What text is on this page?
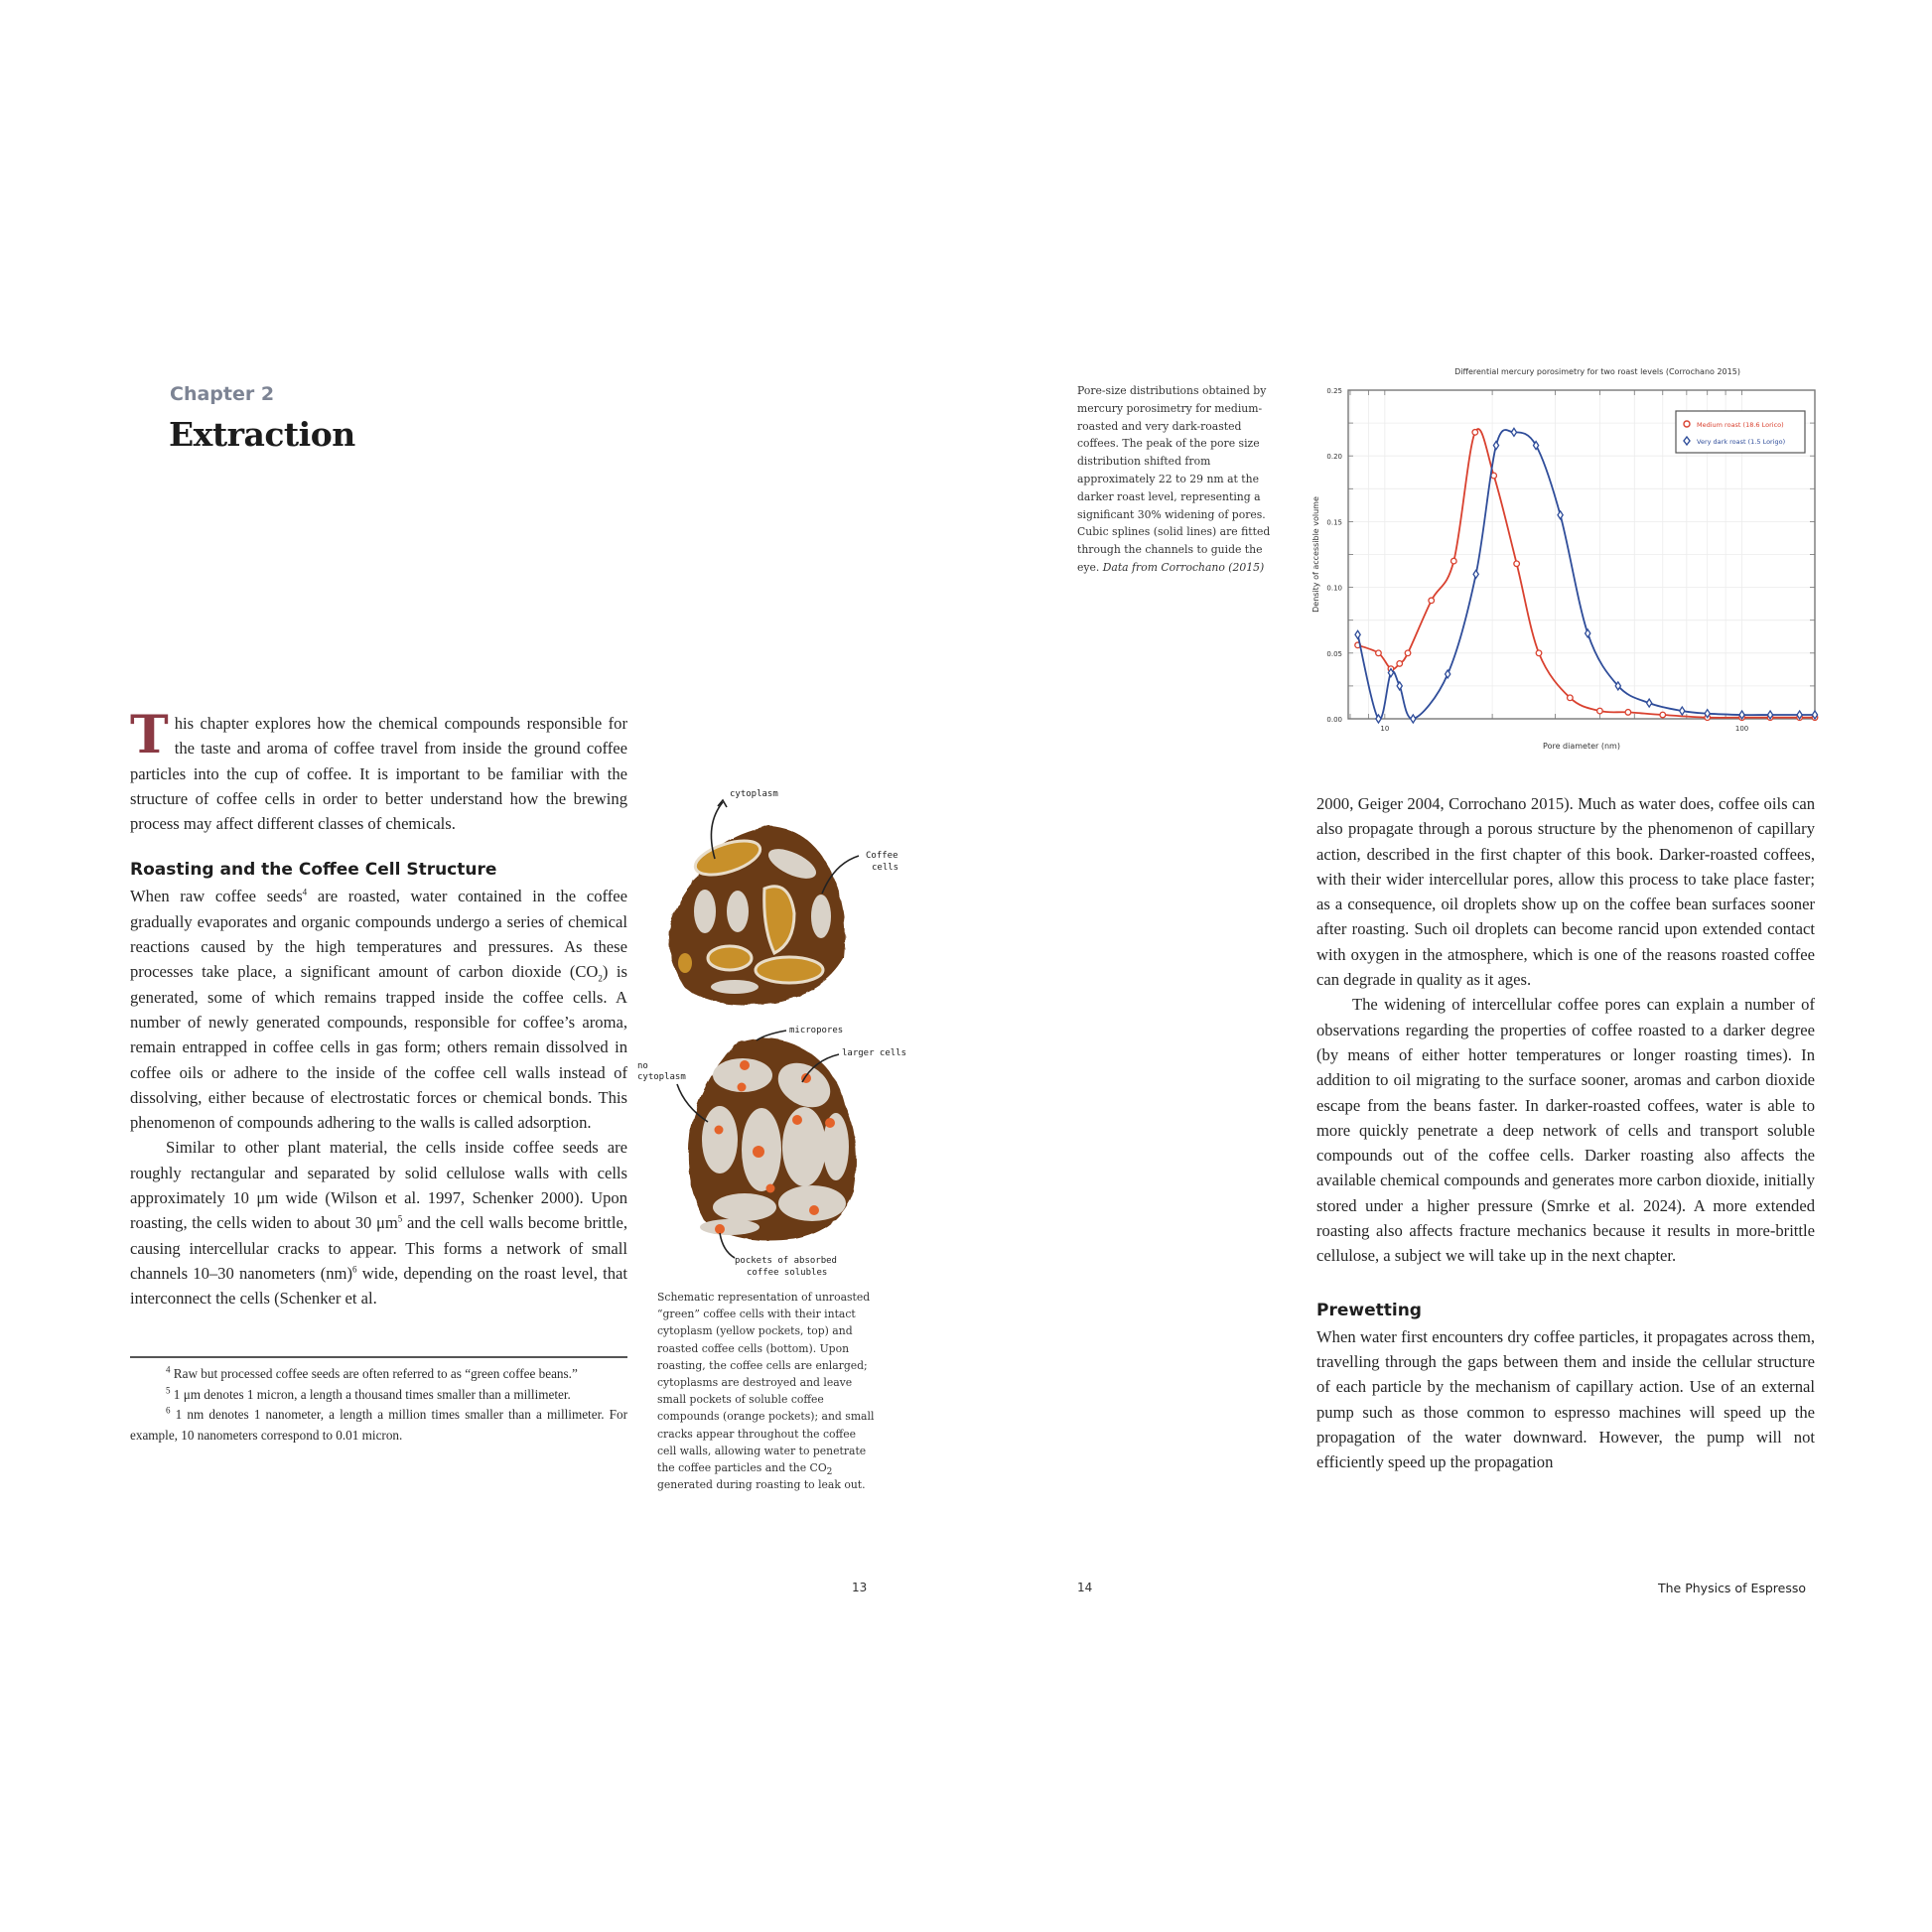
Chapter 2
Extraction

This chapter explores how the chemical compounds responsible for the taste and aroma of coffee travel from inside the ground coffee particles into the cup of coffee. It is important to be familiar with the structure of coffee cells in order to better understand how the brewing process may affect different classes of chemicals.

Roasting and the Coffee Cell Structure

When raw coffee seeds$^4$ are roasted, water contained in the coffee gradually evaporates and organic compounds undergo a series of chemical reactions caused by the high temperatures and pressures. As these processes take place, a significant amount of carbon dioxide $(CO_2)$ is generated, some of which remains trapped inside the coffee cells. A number of newly generated compounds, responsible for coffee’s aroma, remain entrapped in coffee cells in gas form; others remain dissolved in coffee oils or adhere to the inside of the coffee cell walls instead of dissolving, either because of electrostatic forces or chemical bonds. This phenomenon of compounds adhering to the walls is called adsorption.

Similar to other plant material, the cells inside coffee seeds are roughly rectangular and separated by solid cellulose walls with cells approximately 10 μm wide (Wilson et al. 1997, Schenker 2000). Upon roasting, the cells widen to about 30 $\mu m^5$ and the cell walls become brittle, causing intercellular cracks to appear. This forms a network of small channels 10–30 nanometers (nm)$^6$ wide, depending on the roast level, that interconnect the cells (Schenker et al.

$^4$ Raw but processed coffee seeds are often referred to as “green coffee beans.”

$^5$ 1 μm denotes 1 micron, a length a thousand times smaller than a millimeter.

$^6$ 1 nm denotes 1 nanometer, a length a million times smaller than a millimeter. For example, 10 nanometers correspond to 0.01 micron.

cytoplasm
Coffee
cells
micropores
larger cells
no
cytoplasm
pockets of absorbed
coffee solubles
Schematic representation of unroasted “green” coffee cells with their intact cytoplasm (yellow pockets, top) and roasted coffee cells (bottom). Upon roasting, the coffee cells are enlarged; cytoplasms are destroyed and leave small pockets of soluble coffee compounds (orange pockets); and small cracks appear throughout the coffee cell walls, allowing water to penetrate the coffee particles and the $CO_2$ generated during roasting to leak out.
13
Pore-size distributions obtained by mercury porosimetry for medium-roasted and very dark-roasted coffees. The peak of the pore size distribution shifted from approximately 22 to 29 nm at the darker roast level, representing a significant 30% widening of pores. Cubic splines (solid lines) are fitted through the channels to guide the eye. Data from Corrochano (2015)
Differential mercury porosimetry for two roast levels (Corrochano 2015)
0.00
0.05
0.10
0.15
0.20
0.25
10	100
Density of accessible volume
Pore diameter (nm)
Medium roast (18.6 Lorico)
Very dark roast (1.5 Lorigo)

2000, Geiger 2004, Corrochano 2015). Much as water does, coffee oils can also propagate through a porous structure by the phenomenon of capillary action, described in the first chapter of this book. Darker-roasted coffees, with their wider intercellular pores, allow this process to take place faster; as a consequence, oil droplets show up on the coffee bean surfaces sooner after roasting. Such oil droplets can become rancid upon extended contact with oxygen in the atmosphere, which is one of the reasons roasted coffee can degrade in quality as it ages.

The widening of intercellular coffee pores can explain a number of observations regarding the properties of coffee roasted to a darker degree (by means of either hotter temperatures or longer roasting times). In addition to oil migrating to the surface sooner, aromas and carbon dioxide escape from the beans faster. In darker-roasted coffees, water is able to more quickly penetrate a deep network of cells and transport soluble compounds out of the coffee cells. Darker roasting also affects the available chemical compounds and generates more carbon dioxide, initially stored under a higher pressure (Smrke et al. 2024). A more extended roasting also affects fracture mechanics because it results in more-brittle cellulose, a subject we will take up in the next chapter.

Prewetting

When water first encounters dry coffee particles, it propagates across them, travelling through the gaps between them and inside the cellular structure of each particle by the mechanism of capillary action. Use of an external pump such as those common to espresso machines will speed up the propagation of the water downward. However, the pump will not efficiently speed up the propagation

14	The Physics of Espresso
